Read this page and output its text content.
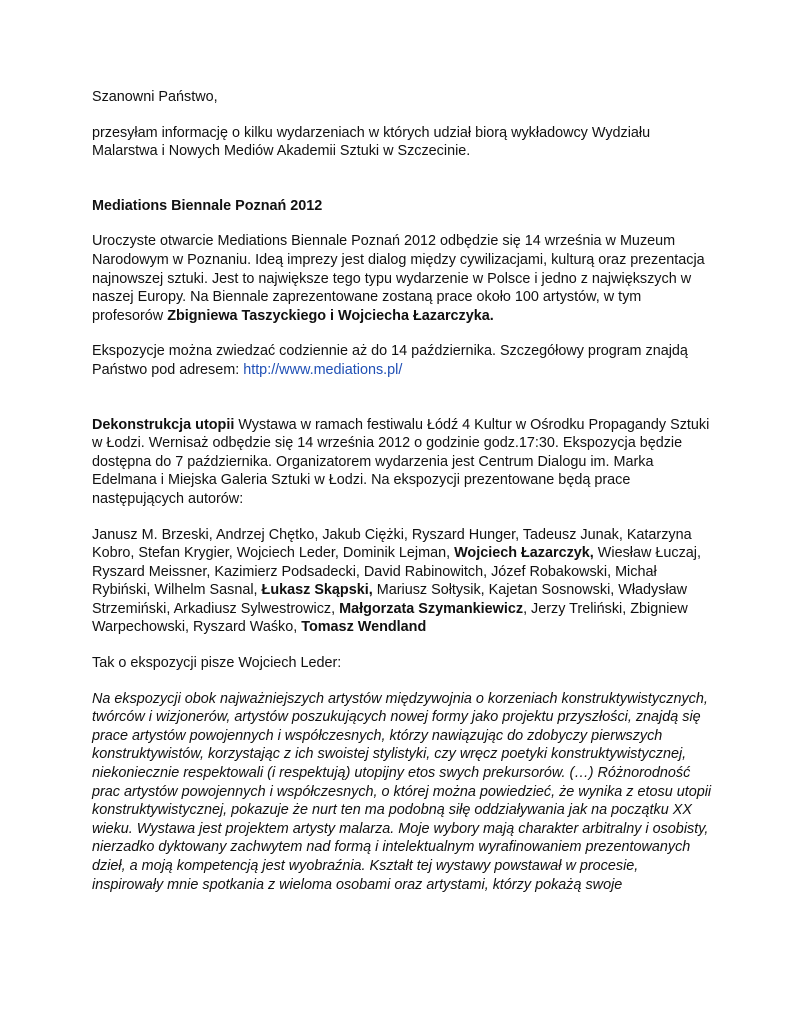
Szanowni Państwo,

przesyłam informację o kilku wydarzeniach w których udział biorą wykładowcy Wydziału Malarstwa i Nowych Mediów Akademii Sztuki w Szczecinie.

Mediations Biennale Poznań 2012

Uroczyste otwarcie Mediations Biennale Poznań 2012 odbędzie się 14 września w Muzeum Narodowym w Poznaniu. Ideą imprezy jest dialog między cywilizacjami, kulturą oraz prezentacja najnowszej sztuki. Jest to największe tego typu wydarzenie w Polsce i jedno z największych w naszej Europy. Na Biennale zaprezentowane zostaną prace około 100 artystów, w tym profesorów Zbigniewa Taszyckiego i Wojciecha Łazarczyka.

Ekspozycje można zwiedzać codziennie aż do 14 października. Szczegółowy program znajdą Państwo pod adresem: http://www.mediations.pl/

Dekonstrukcja utopii Wystawa w ramach festiwalu Łódź 4 Kultur w Ośrodku Propagandy Sztuki w Łodzi. Wernisaż odbędzie się 14 września 2012 o godzinie godz.17:30. Ekspozycja będzie dostępna do 7 października. Organizatorem wydarzenia jest Centrum Dialogu im. Marka Edelmana i Miejska Galeria Sztuki w Łodzi. Na ekspozycji prezentowane będą prace następujących autorów:

Janusz M. Brzeski, Andrzej Chętko, Jakub Ciężki, Ryszard Hunger, Tadeusz Junak, Katarzyna Kobro, Stefan Krygier, Wojciech Leder, Dominik Lejman, Wojciech Łazarczyk, Wiesław Łuczaj, Ryszard Meissner, Kazimierz Podsadecki, David Rabinowitch, Józef Robakowski, Michał Rybiński, Wilhelm Sasnal, Łukasz Skąpski, Mariusz Sołtysik, Kajetan Sosnowski, Władysław Strzemiński, Arkadiusz Sylwestrowicz, Małgorzata Szymankiewicz, Jerzy Treliński, Zbigniew Warpechowski, Ryszard Waśko, Tomasz Wendland

Tak o ekspozycji pisze Wojciech Leder:

Na ekspozycji obok najważniejszych artystów międzywojnia o korzeniach konstruktywistycznych, twórców i wizjonerów, artystów poszukujących nowej formy jako projektu przyszłości, znajdą się prace artystów powojennych i współczesnych, którzy nawiązując do zdobyczy pierwszych konstruktywistów, korzystając z ich swoistej stylistyki, czy wręcz poetyki konstruktywistycznej, niekoniecznie respektowali (i respektują) utopijny etos swych prekursorów. (…) Różnorodność prac artystów powojennych i współczesnych, o której można powiedzieć, że wynika z etosu utopii konstruktywistycznej, pokazuje że nurt ten ma podobną siłę oddziaływania jak na początku XX wieku. Wystawa jest projektem artysty malarza. Moje wybory mają charakter arbitralny i osobisty, nierzadko dyktowany zachwytem nad formą i intelektualnym wyrafinowaniem prezentowanych dzieł, a moją kompetencją jest wyobraźnia. Kształt tej wystawy powstawał w procesie, inspirowały mnie spotkania z wieloma osobami oraz artystami, którzy pokażą swoje
